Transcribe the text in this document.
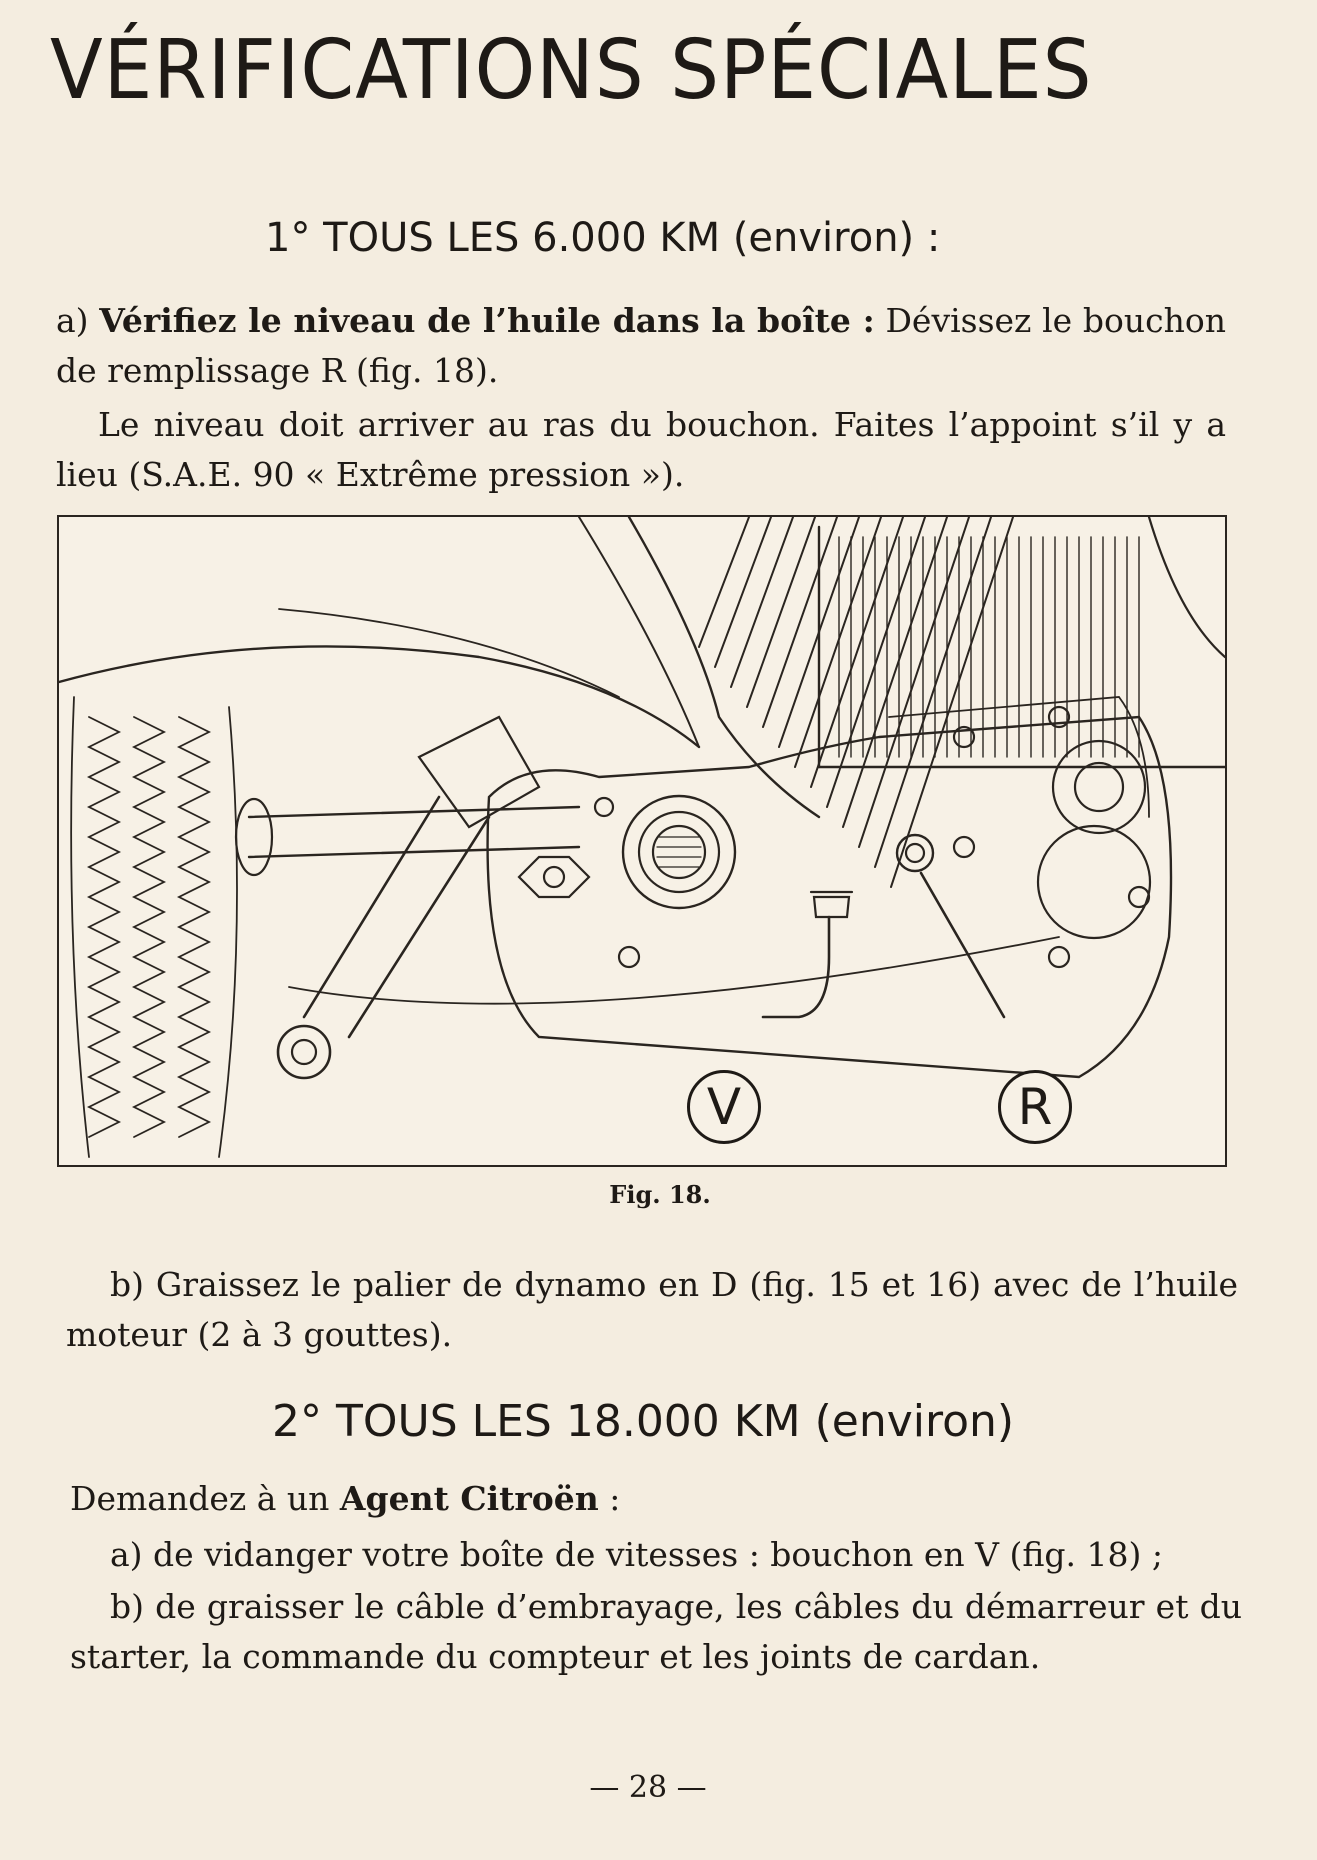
VÉRIFICATIONS SPÉCIALES
1° TOUS LES 6.000 KM (environ) :

a) Vérifiez le niveau de l’huile dans la boîte : Dévissez le bouchon de remplissage R (fig. 18).

Le niveau doit arriver au ras du bouchon. Faites l’appoint s’il y a lieu (S.A.E. 90 « Extrême pression »).

V	R

Fig. 18.

b) Graissez le palier de dynamo en D (fig. 15 et 16) avec de l’huile moteur (2 à 3 gouttes).

2° TOUS LES 18.000 KM (environ)

Demandez à un Agent Citroën :

a) de vidanger votre boîte de vitesses : bouchon en V (fig. 18) ;

b) de graisser le câble d’embrayage, les câbles du démarreur et du starter, la commande du compteur et les joints de cardan.

— 28 —
